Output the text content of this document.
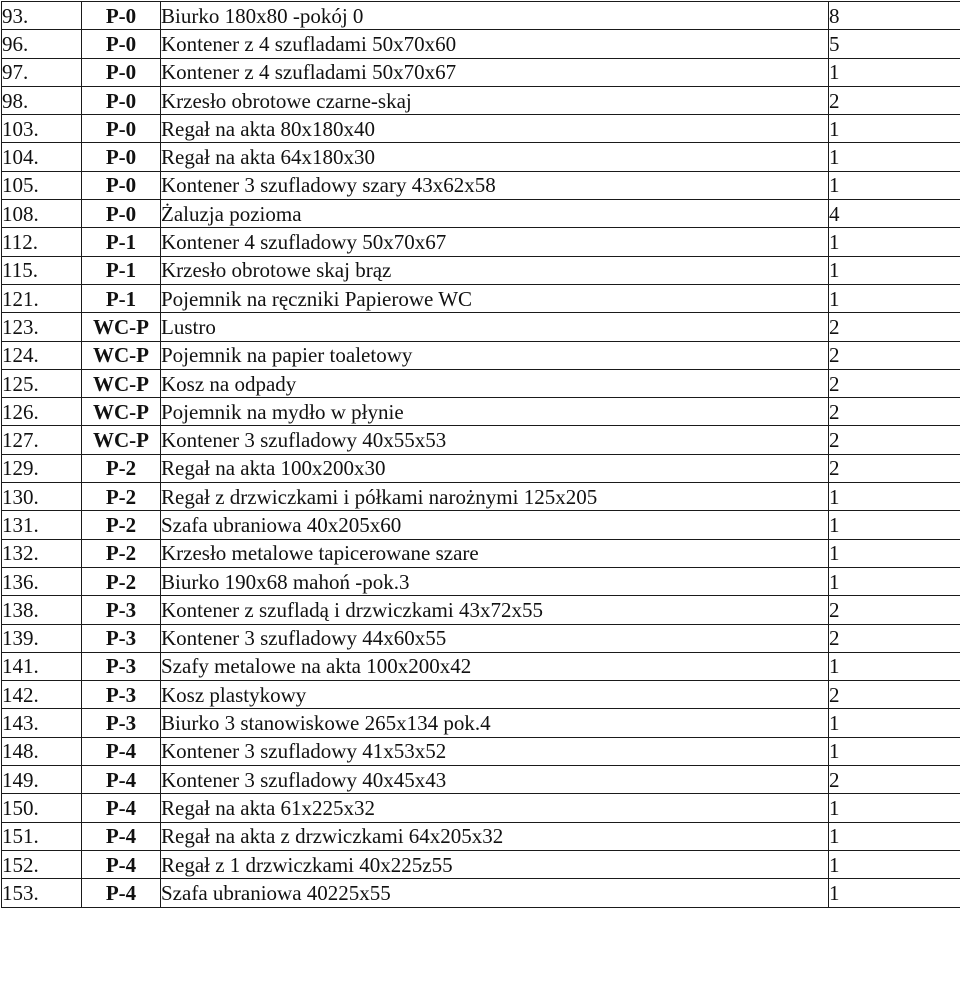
93.	P-0	Biurko 180x80 -pokój 0	8
96.	P-0	Kontener z 4 szufladami 50x70x60	5
97.	P-0	Kontener z 4 szufladami 50x70x67	1
98.	P-0	Krzesło obrotowe czarne-skaj	2
103.	P-0	Regał na akta 80x180x40	1
104.	P-0	Regał na akta 64x180x30	1
105.	P-0	Kontener 3 szufladowy szary 43x62x58	1
108.	P-0	Żaluzja pozioma	4
112.	P-1	Kontener 4 szufladowy 50x70x67	1
115.	P-1	Krzesło obrotowe skaj brąz	1
121.	P-1	Pojemnik na ręczniki Papierowe WC	1
123.	WC-P	Lustro	2
124.	WC-P	Pojemnik na papier toaletowy	2
125.	WC-P	Kosz na odpady	2
126.	WC-P	Pojemnik na mydło w płynie	2
127.	WC-P	Kontener 3 szufladowy 40x55x53	2
129.	P-2	Regał na akta 100x200x30	2
130.	P-2	Regał z drzwiczkami i półkami narożnymi 125x205	1
131.	P-2	Szafa ubraniowa 40x205x60	1
132.	P-2	Krzesło metalowe tapicerowane szare	1
136.	P-2	Biurko 190x68 mahoń -pok.3	1
138.	P-3	Kontener z szufladą i drzwiczkami 43x72x55	2
139.	P-3	Kontener 3 szufladowy 44x60x55	2
141.	P-3	Szafy metalowe na akta 100x200x42	1
142.	P-3	Kosz plastykowy	2
143.	P-3	Biurko 3 stanowiskowe 265x134 pok.4	1
148.	P-4	Kontener 3 szufladowy 41x53x52	1
149.	P-4	Kontener 3 szufladowy 40x45x43	2
150.	P-4	Regał na akta 61x225x32	1
151.	P-4	Regał na akta z drzwiczkami 64x205x32	1
152.	P-4	Regał z 1 drzwiczkami 40x225z55	1
153.	P-4	Szafa ubraniowa 40225x55	1
